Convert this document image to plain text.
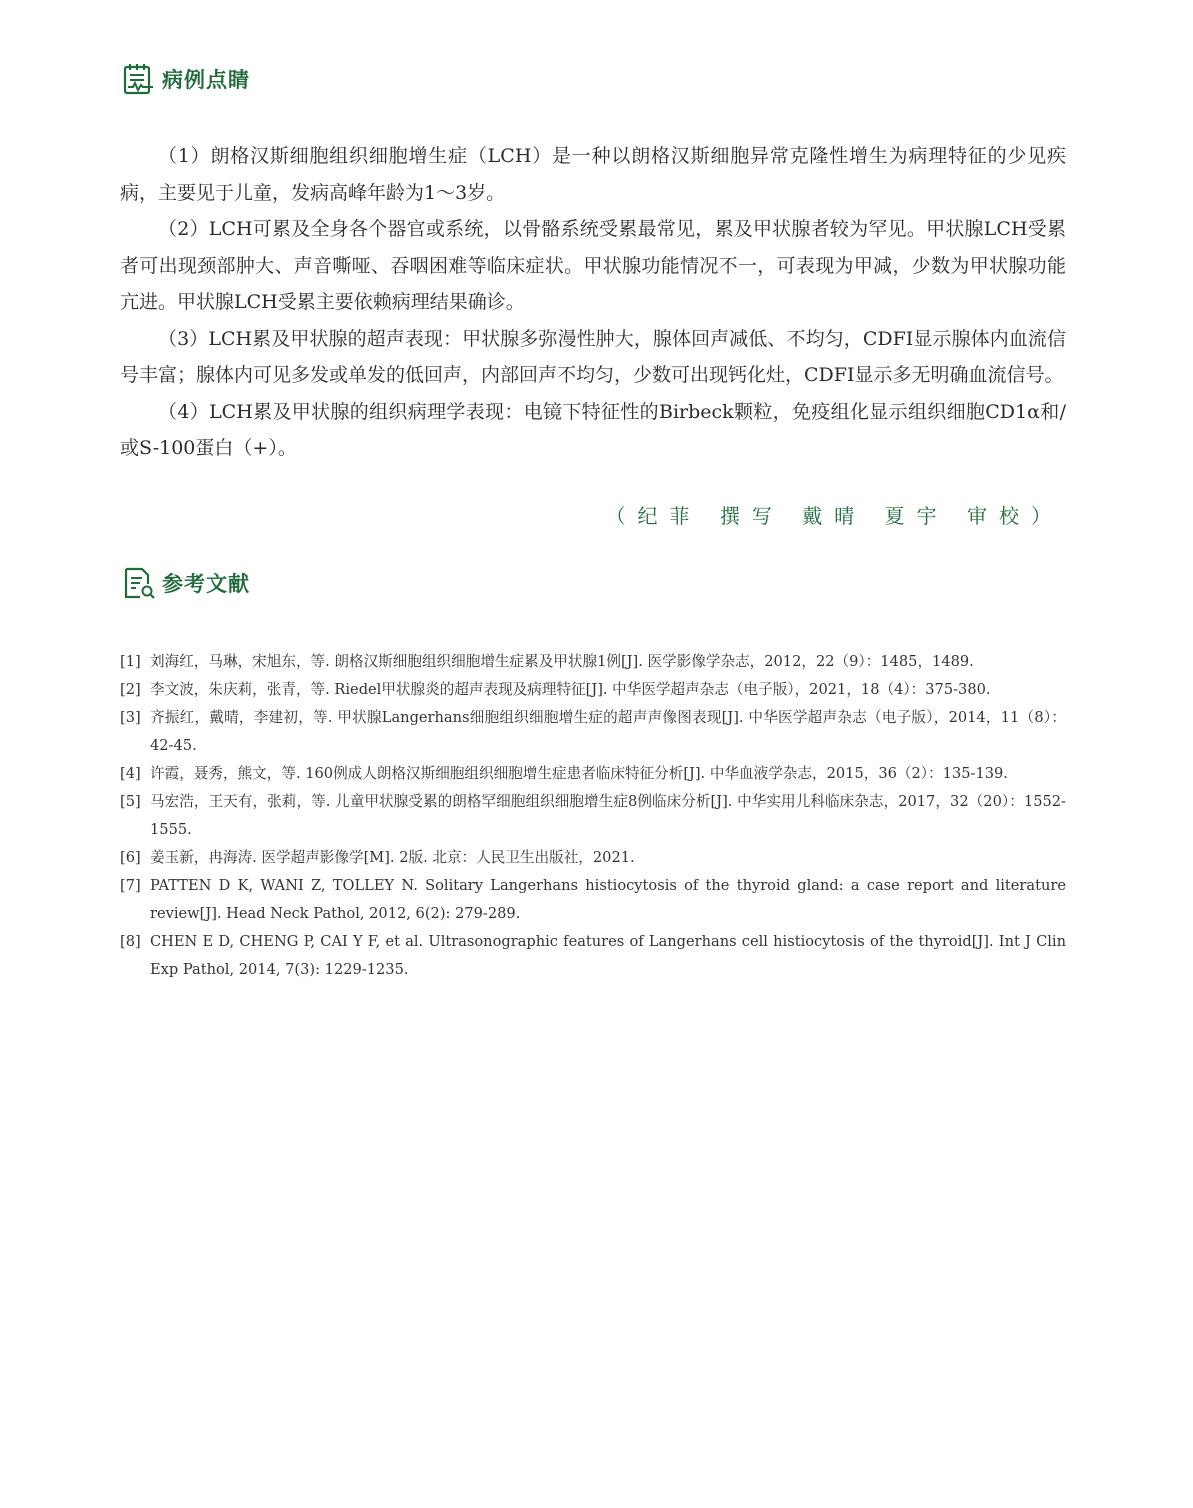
病例点睛

（1）朗格汉斯细胞组织细胞增生症（LCH）是一种以朗格汉斯细胞异常克隆性增生为病理特征的少见疾病，主要见于儿童，发病高峰年龄为1～3岁。

（2）LCH可累及全身各个器官或系统，以骨骼系统受累最常见，累及甲状腺者较为罕见。甲状腺LCH受累者可出现颈部肿大、声音嘶哑、吞咽困难等临床症状。甲状腺功能情况不一，可表现为甲减，少数为甲状腺功能亢进。甲状腺LCH受累主要依赖病理结果确诊。

（3）LCH累及甲状腺的超声表现：甲状腺多弥漫性肿大，腺体回声减低、不均匀，CDFI显示腺体内血流信号丰富；腺体内可见多发或单发的低回声，内部回声不均匀，少数可出现钙化灶，CDFI显示多无明确血流信号。

（4）LCH累及甲状腺的组织病理学表现：电镜下特征性的Birbeck颗粒，免疫组化显示组织细胞CD1α和/或S-100蛋白（+）。

（纪菲 撰写 戴晴 夏宇 审校）
参考文献
[1] 刘海红，马琳，宋旭东，等. 朗格汉斯细胞组织细胞增生症累及甲状腺1例[J]. 医学影像学杂志，2012，22（9）：1485，1489.
[2] 李文波，朱庆莉，张青，等. Riedel甲状腺炎的超声表现及病理特征[J]. 中华医学超声杂志（电子版），2021，18（4）：375-380.
[3] 齐振红，戴晴，李建初，等. 甲状腺Langerhans细胞组织细胞增生症的超声声像图表现[J]. 中华医学超声杂志（电子版），2014，11（8）：42-45.
[4] 许霞，聂秀，熊文，等. 160例成人朗格汉斯细胞组织细胞增生症患者临床特征分析[J]. 中华血液学杂志，2015，36（2）：135-139.
[5] 马宏浩，王天有，张莉，等. 儿童甲状腺受累的朗格罕细胞组织细胞增生症8例临床分析[J]. 中华实用儿科临床杂志，2017，32（20）：1552-1555.
[6] 姜玉新，冉海涛. 医学超声影像学[M]. 2版. 北京：人民卫生出版社，2021.
[7] PATTEN D K, WANI Z, TOLLEY N. Solitary Langerhans histiocytosis of the thyroid gland: a case report and literature review[J]. Head Neck Pathol, 2012, 6(2): 279-289.
[8] CHEN E D, CHENG P, CAI Y F, et al. Ultrasonographic features of Langerhans cell histiocytosis of the thyroid[J]. Int J Clin Exp Pathol, 2014, 7(3): 1229-1235.
